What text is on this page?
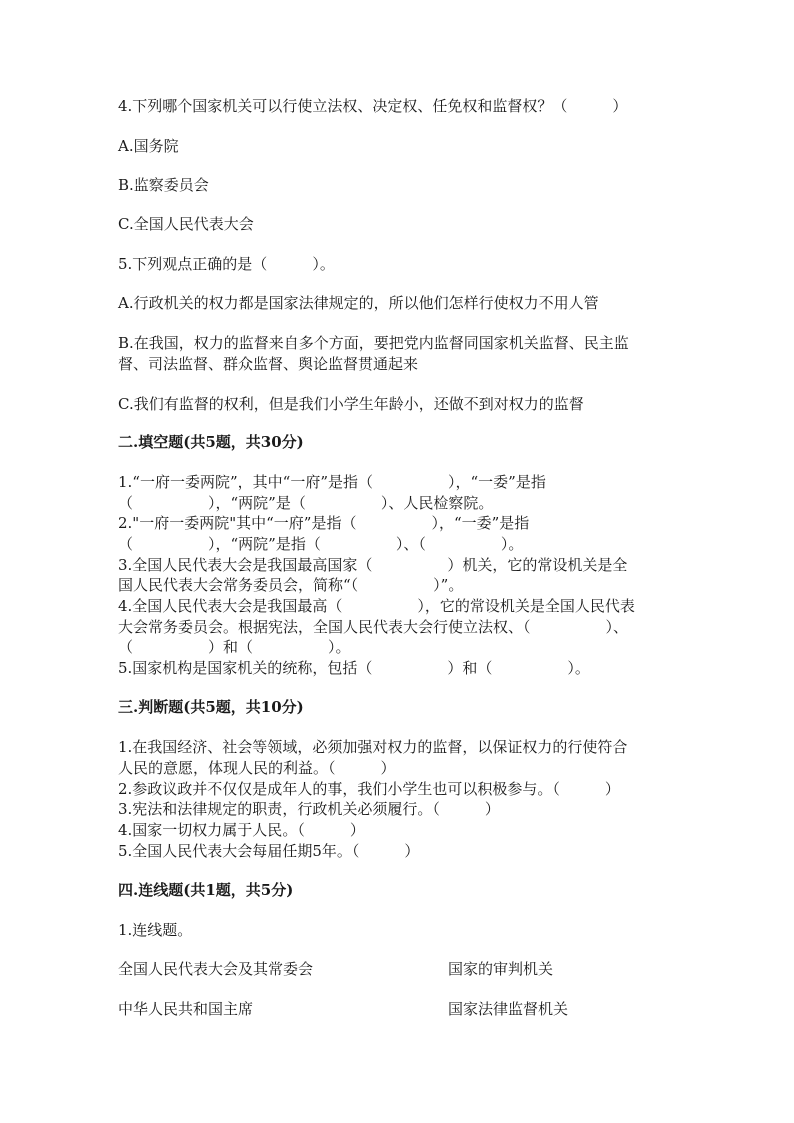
4.下列哪个国家机关可以行使立法权、决定权、任免权和监督权？（　　　）
A.国务院
B.监察委员会
C.全国人民代表大会
5.下列观点正确的是（　　　）。
A.行政机关的权力都是国家法律规定的，所以他们怎样行使权力不用人管
B.在我国，权力的监督来自多个方面，要把党内监督同国家机关监督、民主监
督、司法监督、群众监督、舆论监督贯通起来
C.我们有监督的权利，但是我们小学生年龄小，还做不到对权力的监督
二.填空题(共5题，共30分)
1.“一府一委两院”，其中“一府”是指（　　　　　），“一委”是指
（　　　　　），“两院”是（　　　　　）、人民检察院。
2."一府一委两院"其中“一府”是指（　　　　　），“一委”是指
（　　　　　），“两院”是指（　　　　　）、（　　　　　）。
3.全国人民代表大会是我国最高国家（　　　　　）机关，它的常设机关是全
国人民代表大会常务委员会，简称“（　　　　　）”。
4.全国人民代表大会是我国最高（　　　　　），它的常设机关是全国人民代表
大会常务委员会。根据宪法，全国人民代表大会行使立法权、（　　　　　）、
（　　　　　）和（　　　　　）。
5.国家机构是国家机关的统称，包括（　　　　　）和（　　　　　）。
三.判断题(共5题，共10分)
1.在我国经济、社会等领域，必须加强对权力的监督，以保证权力的行使符合
人民的意愿，体现人民的利益。（　　　）
2.参政议政并不仅仅是成年人的事，我们小学生也可以积极参与。（　　　）
3.宪法和法律规定的职责，行政机关必须履行。（　　　）
4.国家一切权力属于人民。（　　　）
5.全国人民代表大会每届任期5年。（　　　）
四.连线题(共1题，共5分)
1.连线题。
全国人民代表大会及其常委会	国家的审判机关
中华人民共和国主席	国家法律监督机关
